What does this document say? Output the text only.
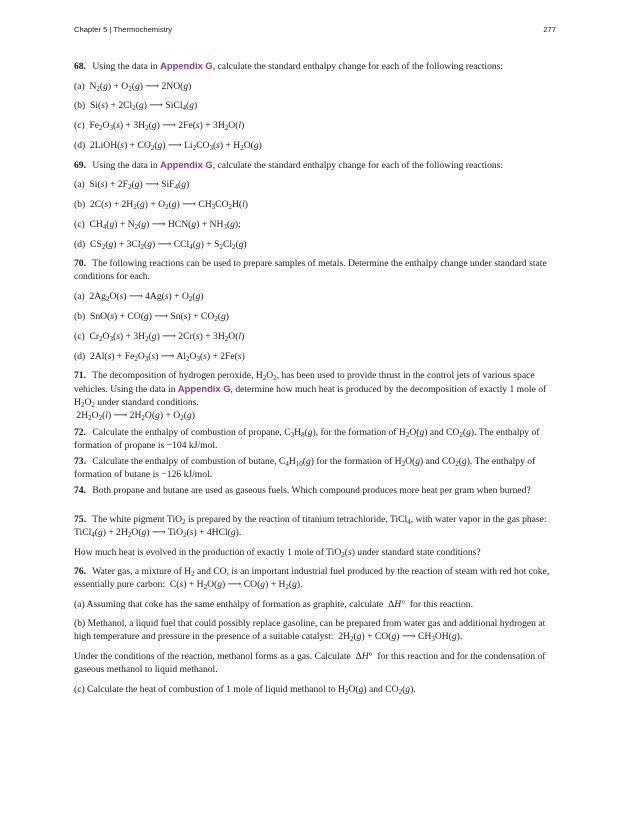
Chapter 5 | Thermochemistry	277
68. Using the data in Appendix G, calculate the standard enthalpy change for each of the following reactions:
(a)  $N_2(g) + O_2(g)$ ⟶ 2NO(g)
(b)  $Si(s) + 2Cl_2(g)$ ⟶ SiCl$_4$(g)
(c)  $Fe_2O_3(s) + 3H_2(g)$ ⟶ $2Fe(s) + 3H_2O(l)$
(d)  2LiOH(s) + $CO_2(g)$ ⟶ $Li_2CO_3(s) + H_2O(g)$
69. Using the data in Appendix G, calculate the standard enthalpy change for each of the following reactions:
(a)  $Si(s) + 2F_2(g)$ ⟶ SiF$_4$(g)
(b)  $2C(s) + 2H_2(g) + O_2(g)$ ⟶ $CH_3CO_2H(l)$
(c)  $CH_4(g) + N_2(g)$ ⟶ $HCN(g) + NH_3(g)$;
(d)  $CS_2(g) + 3Cl_2(g)$ ⟶ $CCl_4(g) + S_2Cl_2(g)$
70. The following reactions can be used to prepare samples of metals. Determine the enthalpy change under standard state conditions for each.
(a)  $2Ag_2O(s)$ ⟶ $4Ag(s) + O_2(g)$
(b)  SnO(s) + CO(g) ⟶ $Sn(s) + CO_2(g)$
(c)  $Cr_2O_3(s) + 3H_2(g)$ ⟶ $2Cr(s) + 3H_2O(l)$
(d)  $2Al(s) + Fe_2O_3(s)$ ⟶ $Al_2O_3(s) + 2Fe(s)$
71. The decomposition of hydrogen peroxide, $H_2O_2$, has been used to provide thrust in the control jets of various space vehicles. Using the data in Appendix G, determine how much heat is produced by the decomposition of exactly 1 mole of $H_2O_2$ under standard conditions.
$2H_2O_2(l)$ ⟶ $2H_2O(g) + O_2(g)$
72. Calculate the enthalpy of combustion of propane, $C_3H_8(g)$, for the formation of $H_2O(g)$ and $CO_2(g)$. The enthalpy of formation of propane is −104 kJ/mol.
73. Calculate the enthalpy of combustion of butane, $C_4H_{10}(g)$ for the formation of $H_2O(g)$ and $CO_2(g)$. The enthalpy of formation of butane is −126 kJ/mol.
74. Both propane and butane are used as gaseous fuels. Which compound produces more heat per gram when burned?
75. The white pigment TiO$_2$ is prepared by the reaction of titanium tetrachloride, TiCl$_4$, with water vapor in the gas phase:  TiCl$_4$(g) + $2H_2O(g)$ ⟶ TiO$_2$(s) + 4HCl(g).
How much heat is evolved in the production of exactly 1 mole of TiO$_2$(s) under standard state conditions?
76. Water gas, a mixture of $H_2$ and CO, is an important industrial fuel produced by the reaction of steam with red hot coke, essentially pure carbon:  $C(s) + H_2O(g)$ ⟶ $CO(g) + H_2(g)$.
(a) Assuming that coke has the same enthalpy of formation as graphite, calculate  ΔH°  for this reaction.
(b) Methanol, a liquid fuel that could possibly replace gasoline, can be prepared from water gas and additional hydrogen at high temperature and pressure in the presence of a suitable catalyst:  $2H_2(g) + CO(g)$ ⟶ $CH_3OH(g)$.
Under the conditions of the reaction, methanol forms as a gas. Calculate  ΔH°  for this reaction and for the condensation of gaseous methanol to liquid methanol.
(c) Calculate the heat of combustion of 1 mole of liquid methanol to $H_2O(g)$ and $CO_2(g)$.
